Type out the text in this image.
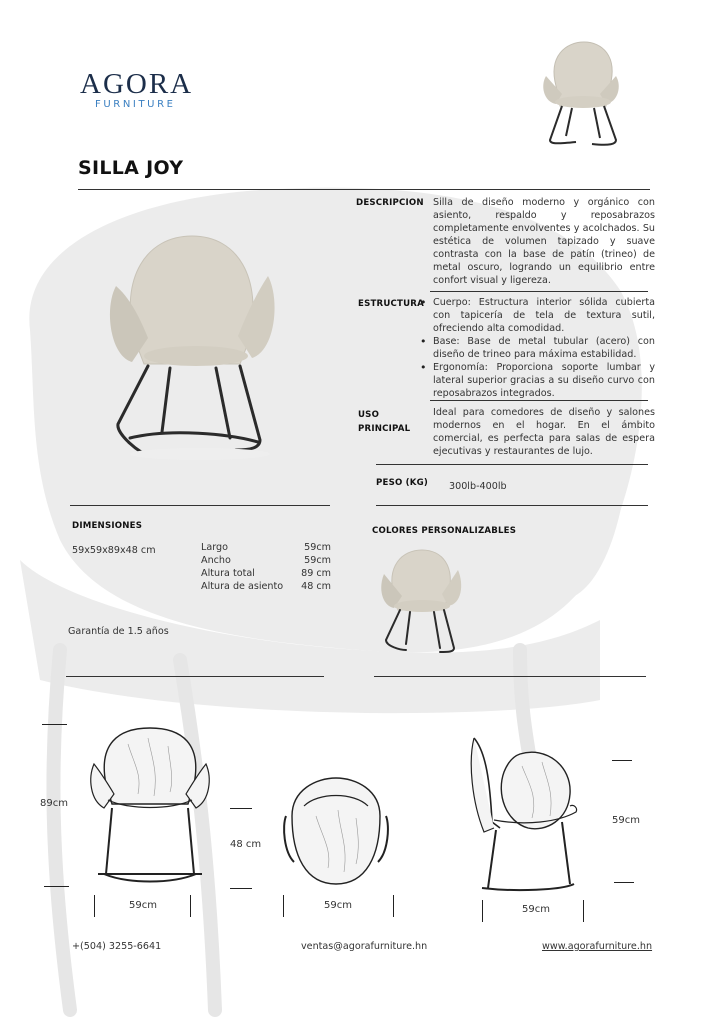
AGORA
FURNITURE
SILLA JOY
DESCRIPCION Silla de diseño moderno y orgánico con
asiento, respaldo y reposabrazos
completamente envolventes y acolchados. Su
estética de volumen tapizado y suave
contrasta con la base de patín (trineo) de
metal oscuro, logrando un equilibrio entre
confort visual y ligereza.
ESTRUCTURA
• Cuerpo: Estructura interior sólida cubierta con tapicería de tela de textura sutil, ofreciendo alta comodidad.
• Base: Base de metal tubular (acero) con diseño de trineo para máxima estabilidad.
• Ergonomía: Proporciona soporte lumbar y lateral superior gracias a su diseño curvo con reposabrazos integrados.
USO
PRINCIPAL
Ideal para comedores de diseño y salones modernos en el hogar. En el ámbito comercial, es perfecta para salas de espera ejecutivas y restaurantes de lujo.
PESO (KG) 300lb-400lb
DIMENSIONES
59x59x89x48 cm	Largo	59cm
Ancho	59cm
Altura total	89 cm
Altura de asiento 48 cm
Garantía de 1.5 años
COLORES PERSONALIZABLES
89cm
59cm
48 cm
59cm
59cm
59cm
+(504) 3255-6641	ventas@agorafurniture.hn	www.agorafurniture.hn
